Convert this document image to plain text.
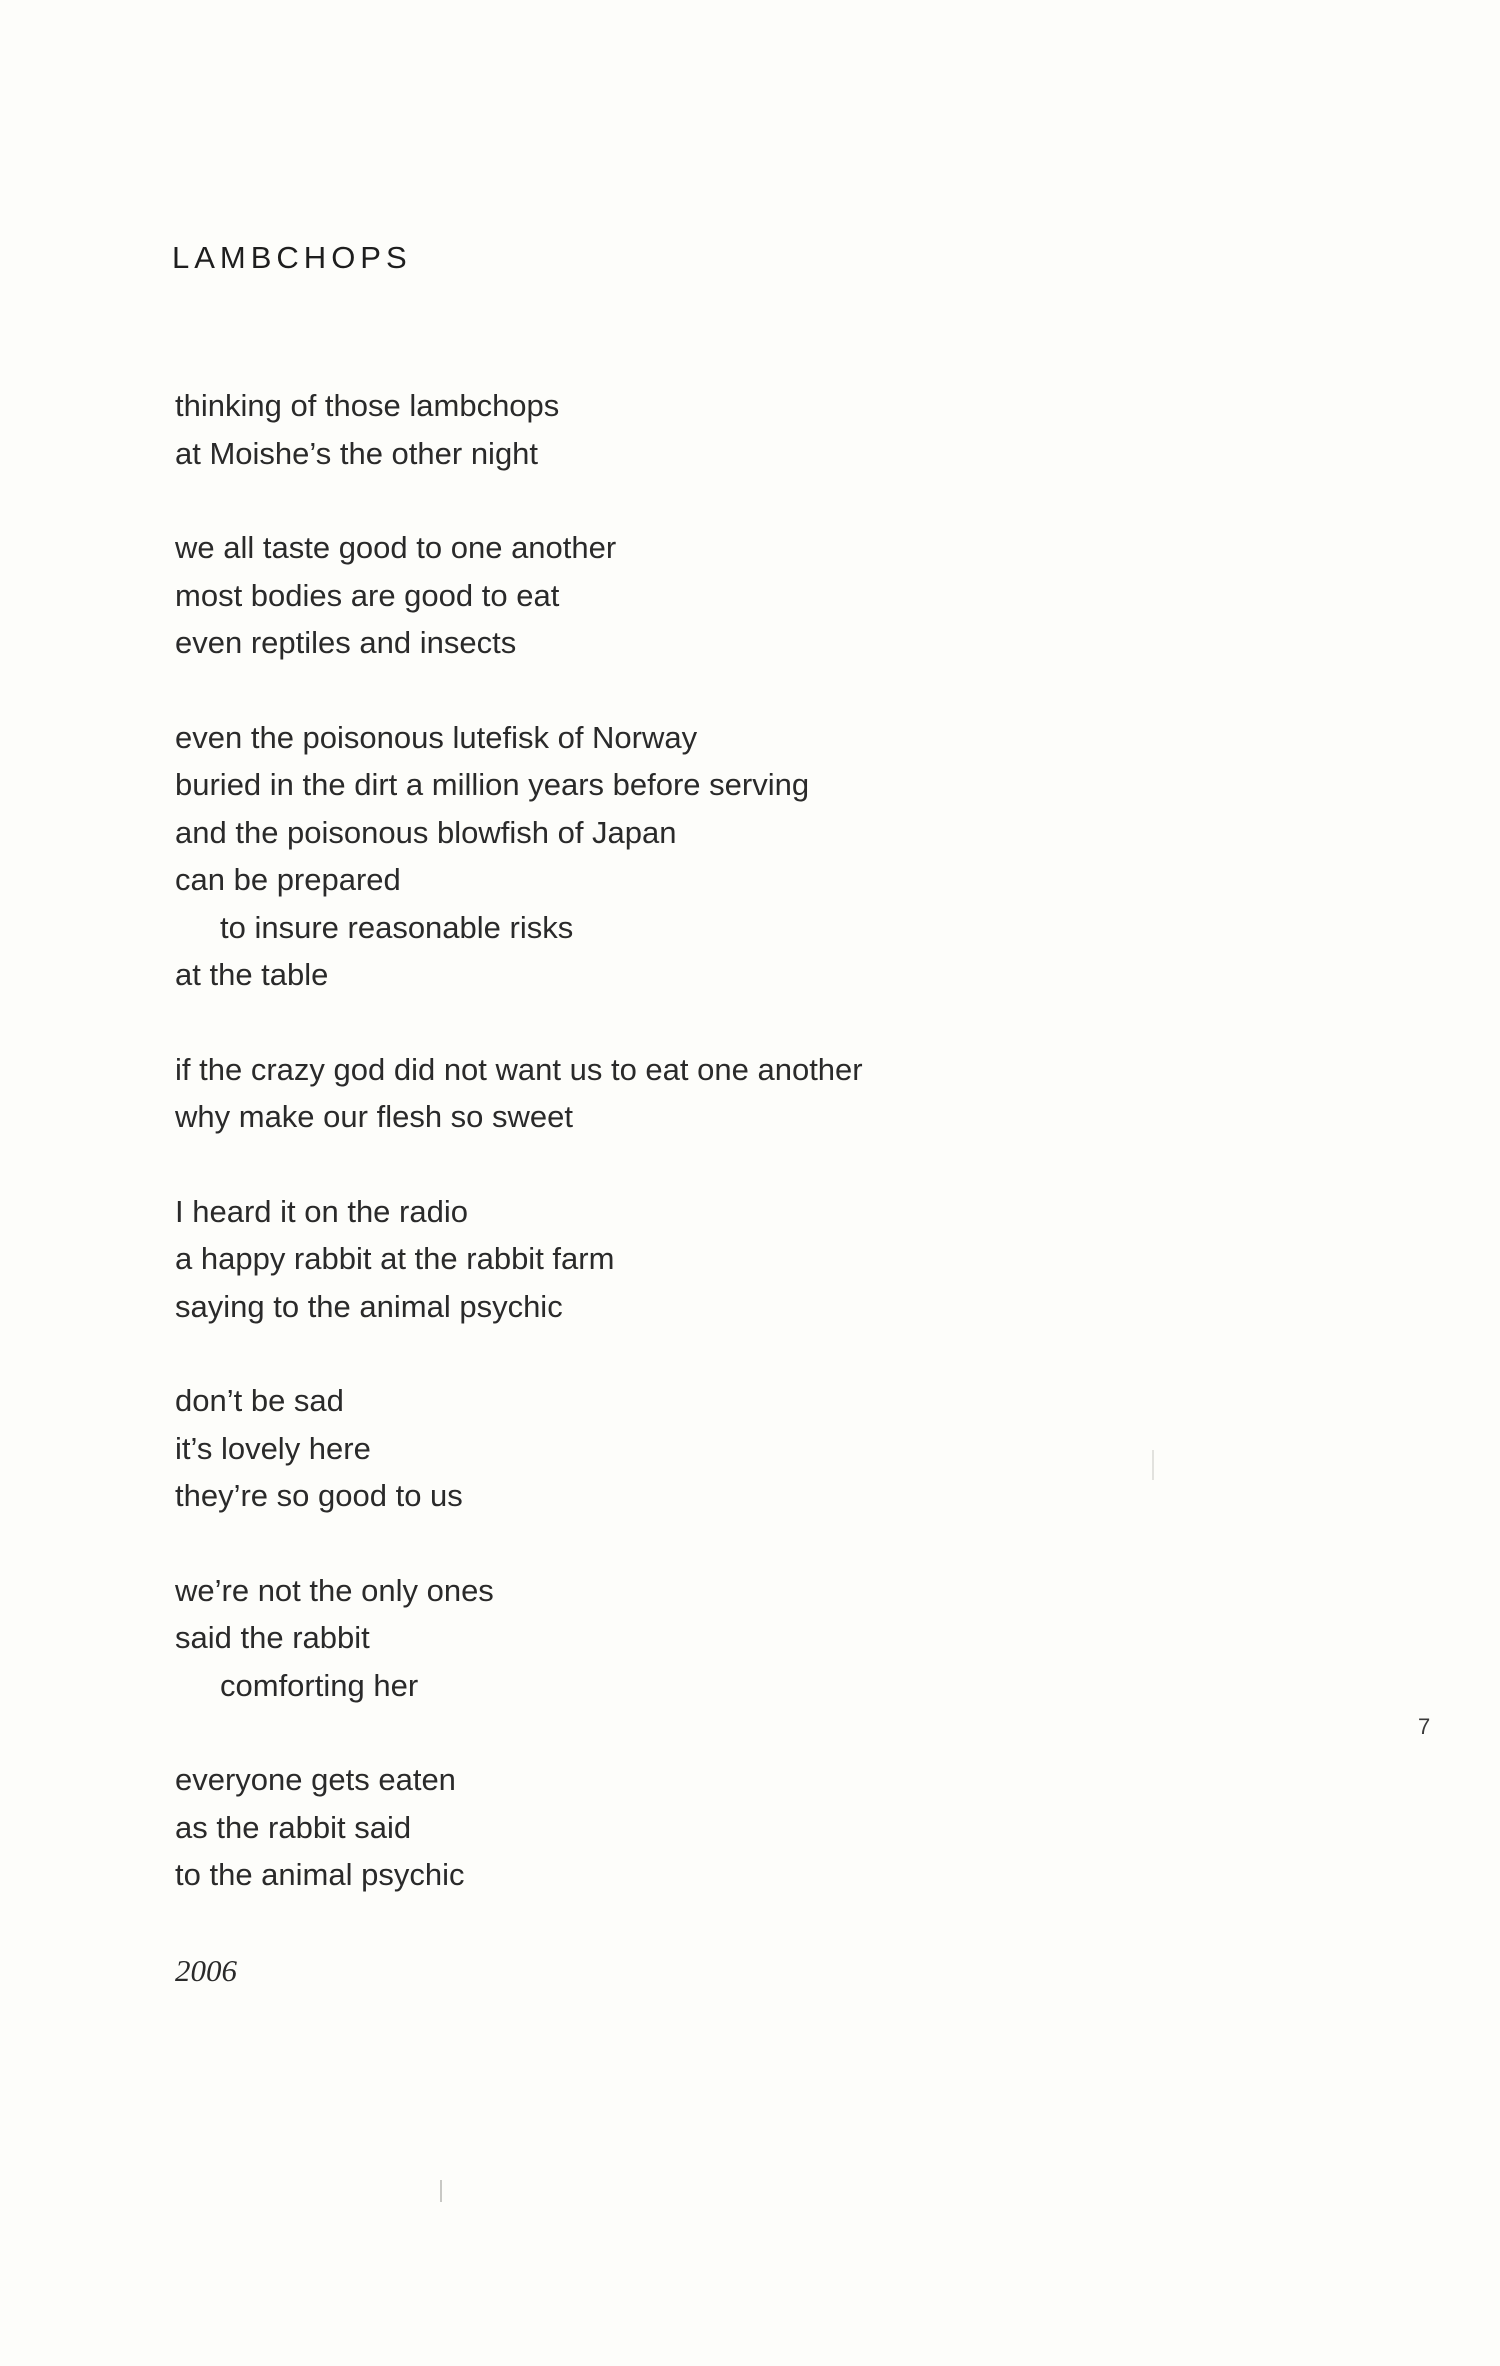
LAMBCHOPS
thinking of those lambchops
at Moishe’s the other night
we all taste good to one another
most bodies are good to eat
even reptiles and insects
even the poisonous lutefisk of Norway
buried in the dirt a million years before serving
and the poisonous blowfish of Japan
can be prepared
to insure reasonable risks
at the table
if the crazy god did not want us to eat one another
why make our flesh so sweet
I heard it on the radio
a happy rabbit at the rabbit farm
saying to the animal psychic
don’t be sad
it’s lovely here
they’re so good to us
we’re not the only ones
said the rabbit
comforting her
everyone gets eaten
as the rabbit said
to the animal psychic
2006
7
